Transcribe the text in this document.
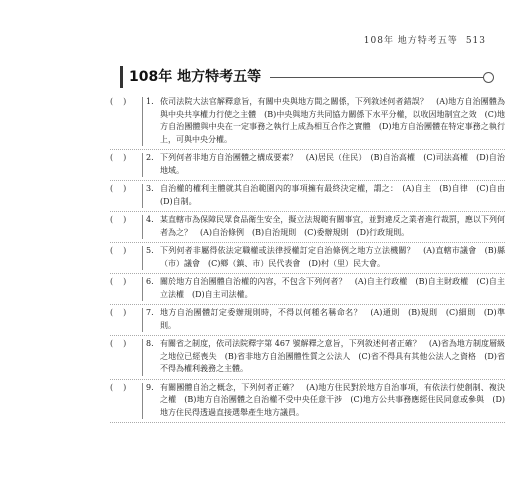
108年 地方特考五等 513
108年 地方特考五等
()	1. 依司法院大法官解釋意旨，有關中央與地方間之關係，下列敘述何者錯誤？　(A)地方自治團體為與中央共享權力行使之主體　(B)中央與地方共同協力關係下水平分權，以收因地制宜之效　(C)地方自治團體與中央在一定事務之執行上成為相互合作之實體　(D)地方自治團體在特定事務之執行上，可與中央分權。
()	2. 下列何者非地方自治團體之構成要素？　(A)居民（住民）　(B)自治高權　(C)司法高權　(D)自治地域。
()	3. 自治權的權利主體就其自治範圍內的事項擁有最終決定權，謂之：　(A)自主　(B)自律　(C)自由　(D)自制。
()	4. 某直轄市為保障民眾食品衛生安全，擬立法規範有關事宜，並對違反之業者進行裁罰，應以下列何者為之？　(A)自治條例　(B)自治規則　(C)委辦規則　(D)行政規則。
()	5. 下列何者非屬得依法定職權或法律授權訂定自治條例之地方立法機關？　(A)直轄市議會　(B)縣（市）議會　(C)鄉（鎮、市）民代表會　(D)村（里）民大會。
()	6. 關於地方自治團體自治權的內容，不包含下列何者？　(A)自主行政權　(B)自主財政權　(C)自主立法權　(D)自主司法權。
()	7. 地方自治團體訂定委辦規則時，不得以何種名稱命名？　(A)通則　(B)規則　(C)細則　(D)準則。
()	8. 有關省之制度，依司法院釋字第 467 號解釋之意旨，下列敘述何者正確？　(A)省為地方制度層級之地位已經喪失　(B)省非地方自治團體性質之公法人　(C)省不得具有其他公法人之資格　(D)省不得為權利義務之主體。
()	9. 有關團體自治之概念，下列何者正確？　(A)地方住民對於地方自治事項，有依法行使創制、複決之權　(B)地方自治團體之自治權不受中央任意干涉　(C)地方公共事務應經住民同意或參與　(D)地方住民得透過直接選舉產生地方議員。
